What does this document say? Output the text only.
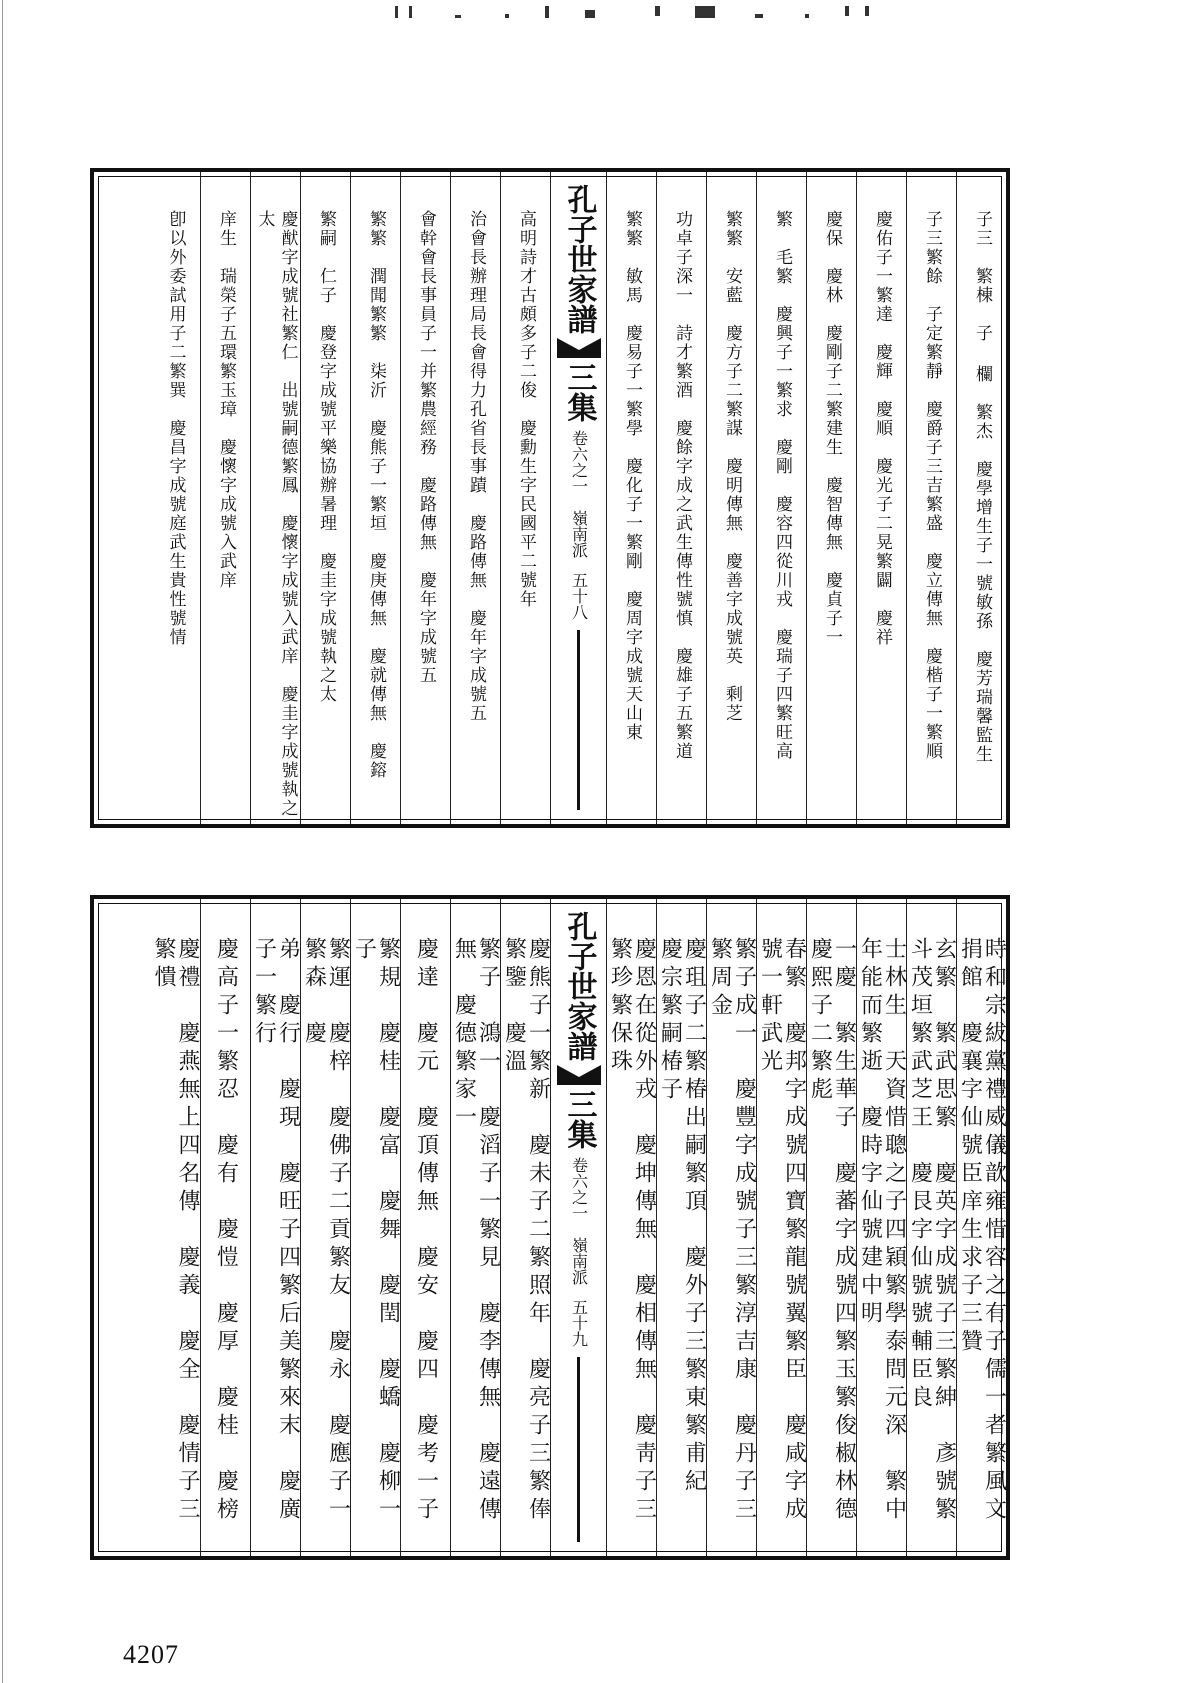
子三　繁棟　子 欄　繁杰　慶學增生子一號敏孫　慶芳瑞馨監生

子三繁餘　子定繁靜　慶爵子三吉繁盛　慶立傳無　慶楷子一繁順

慶佑子一繁達　慶輝　慶順　慶光子二晃繁闢　慶祥

慶保　慶林　慶剛子二繁建生　慶智傳無　慶貞子一

繁　毛繁　慶興子一繁求　慶剛　慶容四從川戎　慶瑞子四繁旺高

繁繁　安藍　慶方子二繁謀　慶明傳無　慶善字成號英　剩芝

功卓子深一　詩才繁酒　慶餘字成之武生傳性號慎　慶雄子五繁道

繁繁　敏馬　慶易子一繁學　慶化子一繁剛　慶周字成號天山東

孔子世家譜

三集

卷六之一　嶺南派

五十八

高明詩才古頗多子二俊　慶勳生字民國平二號年

治會長辦理局長會得力孔省長事蹟　慶路傳無　慶年字成號五

會幹會長事員子一并繁農經務　慶路傳無　慶年字成號五

繁繁　潤聞繁繁　柒沂　慶熊子一繁垣　慶庚傳無　慶就傳無　慶鎔

繁嗣　仁子　慶登字成號平樂協辦暑理　慶圭字成號執之太

慶猷字成號社繁仁　出號嗣德繁鳳　慶懷字成號入武庠　慶圭字成號執之太

庠生　瑞榮子五環繁玉璋　慶懷字成號入武庠

卽以外委試用子二繁巽　慶昌字成號庭武生貴性號情

時和宗紱黨禮威儀歆雍惜容之有子儒一者繁風文捐館　慶襄字仙號臣庠生求子三贊

玄繁　繁武思繁　慶英字成號子三繁紳　彥號繁斗茂垣繁武芝王　慶艮字仙號號輔臣良

士林生　天資惜聰之子四穎繁學泰問元深　繁中年能而繁逝　慶時字仙號建中明

一慶　繁生華子　慶蕃字成號四繁玉繁俊椒林德　慶熙子二繁彪

春繁　慶邦字成號四寶繁龍號翼繁臣　慶咸字成號一軒武光

繁子成一　慶豐字成號子三繁淳吉康　慶丹子三繁周金

慶珇子二繁椿出嗣繁頂　慶外子三繁東繁甫紀　慶宗繁嗣椿子

慶恩在從外戎　慶坤傳無　慶相傳無　慶靑子三繁珍繁保珠

孔子世家譜

三集

卷六之一　嶺南派

五十九

慶熊子一繁新　慶未子二繁照年　慶亮子三繁俸繁鑒　慶溫

繁子　鴻一　慶滔子一繁見　慶李傳無　慶遠傳無　慶德繁家一

慶達　慶元　慶頂傳無　慶安　慶四　慶考一子

繁規　慶桂　慶富　慶舞　慶閏　慶蟜　慶柳一子

繁運　慶梓　慶佛子二貢繁友　慶永　慶應子一繁森　慶

弟　慶行　慶現　慶旺子四繁后美繁來末　慶廣子一繁行

慶高子一繁忍　慶有　慶愷　慶厚　慶桂　慶榜

慶禮　慶燕無上四名傳　慶義　慶全　慶情子三繁憒

4207
